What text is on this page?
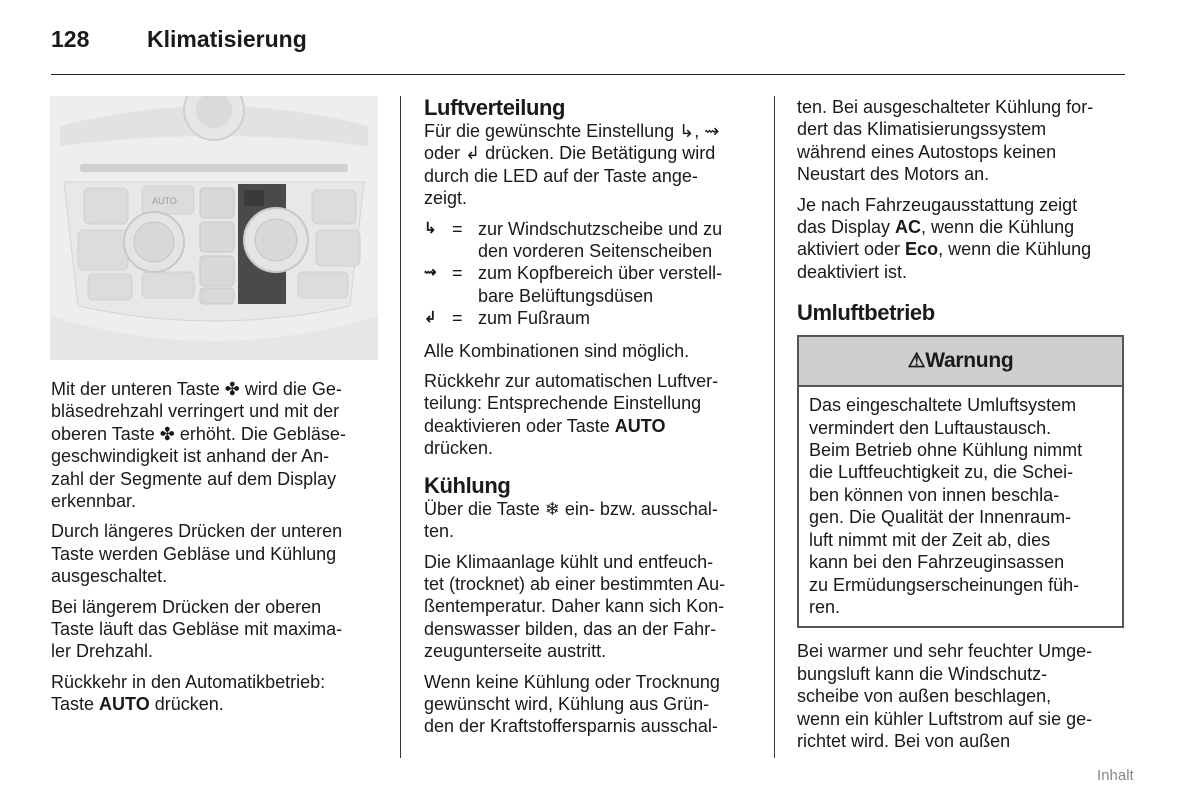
128	Klimatisierung
AUTO

Mit der unteren Taste ✤ wird die Ge-
bläsedrehzahl verringert und mit der
oberen Taste ✤ erhöht. Die Gebläse-
geschwindigkeit ist anhand der An-
zahl der Segmente auf dem Display
erkennbar.

Durch längeres Drücken der unteren
Taste werden Gebläse und Kühlung
ausgeschaltet.

Bei längerem Drücken der oberen
Taste läuft das Gebläse mit maxima-
ler Drehzahl.

Rückkehr in den Automatikbetrieb:
Taste AUTO drücken.

Luftverteilung

Für die gewünschte Einstellung ↳, ⇝
oder ↲ drücken. Die Betätigung wird
durch die LED auf der Taste ange-
zeigt.

↳ = zur Windschutzscheibe und zu
den vorderen Seitenscheiben
⇝ = zum Kopfbereich über verstell-
bare Belüftungsdüsen
↲ = zum Fußraum

Alle Kombinationen sind möglich.

Rückkehr zur automatischen Luftver-
teilung: Entsprechende Einstellung
deaktivieren oder Taste AUTO
drücken.

Kühlung

Über die Taste ❄ ein- bzw. ausschal-
ten.

Die Klimaanlage kühlt und entfeuch-
tet (trocknet) ab einer bestimmten Au-
ßentemperatur. Daher kann sich Kon-
denswasser bilden, das an der Fahr-
zeugunterseite austritt.

Wenn keine Kühlung oder Trocknung
gewünscht wird, Kühlung aus Grün-
den der Kraftstoffersparnis ausschal-

ten. Bei ausgeschalteter Kühlung for-
dert das Klimatisierungssystem
während eines Autostops keinen
Neustart des Motors an.

Je nach Fahrzeugausstattung zeigt
das Display AC, wenn die Kühlung
aktiviert oder Eco, wenn die Kühlung
deaktiviert ist.

Umluftbetrieb
⚠Warnung
Das eingeschaltete Umluftsystem
vermindert den Luftaustausch.
Beim Betrieb ohne Kühlung nimmt
die Luftfeuchtigkeit zu, die Schei-
ben können von innen beschla-
gen. Die Qualität der Innenraum-
luft nimmt mit der Zeit ab, dies
kann bei den Fahrzeuginsassen
zu Ermüdungserscheinungen füh-
ren.

Bei warmer und sehr feuchter Umge-
bungsluft kann die Windschutz-
scheibe von außen beschlagen,
wenn ein kühler Luftstrom auf sie ge-
richtet wird. Bei von außen

Inhalt
